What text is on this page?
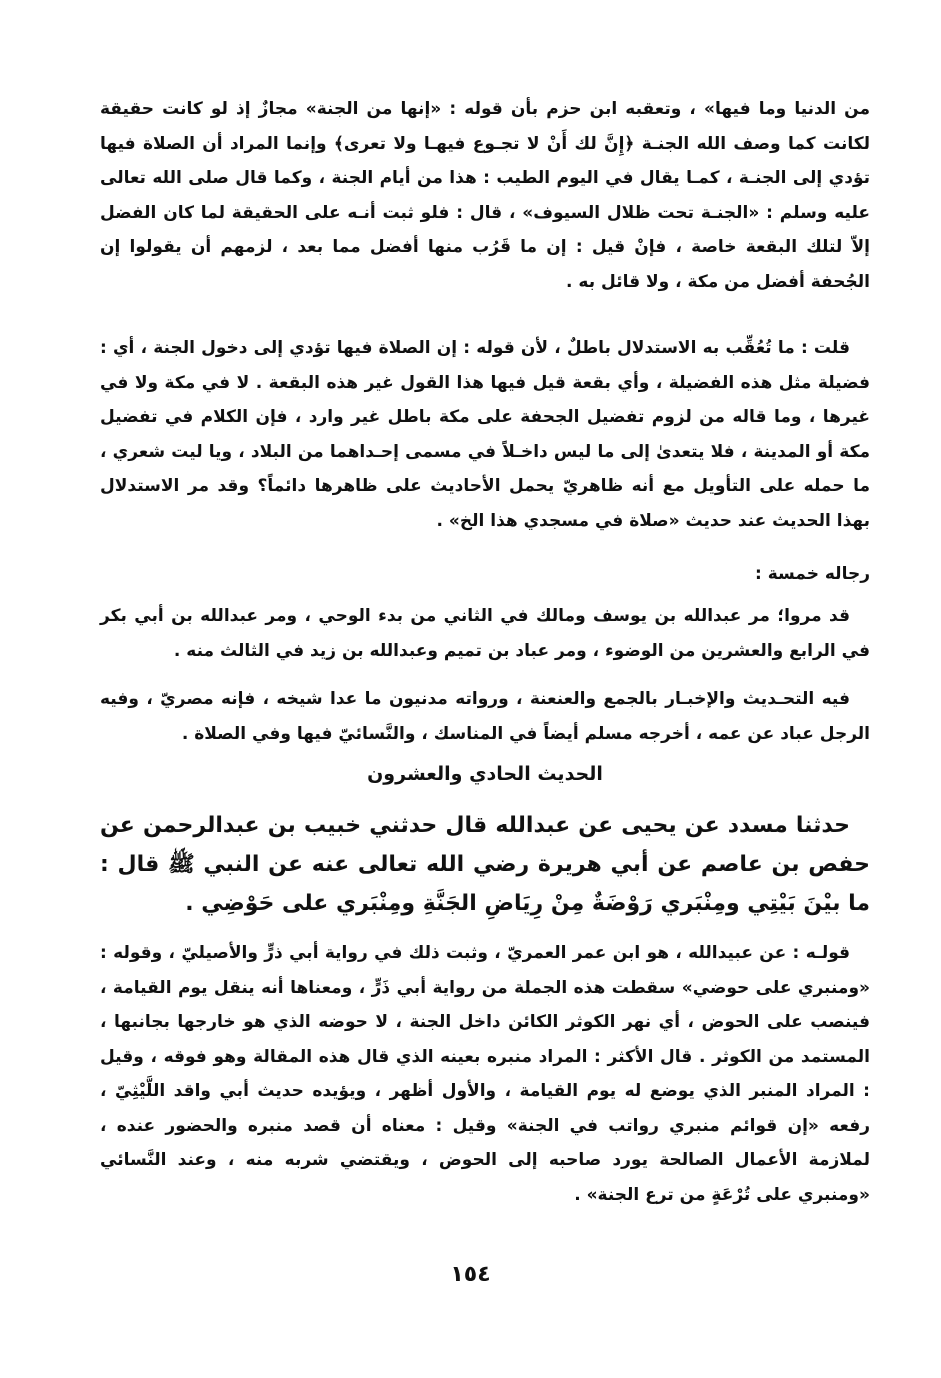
من الدنيا وما فيها» ، وتعقبه ابن حزم بأن قوله : «إنها من الجنة» مجازٌ إذ لو كانت حقيقة لكانت كما وصف الله الجنـة ﴿إِنَّ لك أَنْ لا تجـوع فيهـا ولا تعرى﴾ وإنما المراد أن الصلاة فيها تؤدي إلى الجنـة ، كمـا يقال في اليوم الطيب : هذا من أيام الجنة ، وكما قال صلى الله تعالى عليه وسلم : «الجنـة تحت ظلال السيوف» ، قال : فلو ثبت أنـه على الحقيقة لما كان الفضل إلاّ لتلك البقعة خاصة ، فإنْ قيل : إن ما قَرُب منها أفضل مما بعد ، لزمهم أن يقولوا إن الجُحفة أفضل من مكة ، ولا قائل به .

قلت : ما تُعُقِّب به الاستدلال باطلٌ ، لأن قوله : إن الصلاة فيها تؤدي إلى دخول الجنة ، أي : فضيلة مثل هذه الفضيلة ، وأي بقعة قيل فيها هذا القول غير هذه البقعة . لا في مكة ولا في غيرها ، وما قاله من لزوم تفضيل الجحفة على مكة باطل غير وارد ، فإن الكلام في تفضيل مكة أو المدينة ، فلا يتعدىٰ إلى ما ليس داخـلاً في مسمى إحـداهما من البلاد ، ويا ليت شعري ، ما حمله على التأويل مع أنه ظاهريّ يحمل الأحاديث على ظاهرها دائماً؟ وقد مر الاستدلال بهذا الحديث عند حديث «صلاة في مسجدي هذا الخ» .

رجاله خمسة :

قد مروا؛ مر عبدالله بن يوسف ومالك في الثاني من بدء الوحي ، ومر عبدالله بن أبي بكر في الرابع والعشرين من الوضوء ، ومر عباد بن تميم وعبدالله بن زيد في الثالث منه .

فيه التحـديث والإخبـار بالجمع والعنعنة ، ورواته مدنيون ما عدا شيخه ، فإنه مصريّ ، وفيه الرجل عباد عن عمه ، أخرجه مسلم أيضاً في المناسك ، والنَّسائيّ فيها وفي الصلاة .

الحديث الحادي والعشرون

حدثنا مسدد عن يحيى عن عبدالله قال حدثني خبيب بن عبدالرحمن عن حفص بن عاصم عن أبي هريرة رضي الله تعالى عنه عن النبي ﷺ قال : ما بيْنَ بَيْتِي ومِنْبَري رَوْضَةٌ مِنْ رِيَاضِ الجَنَّةِ ومِنْبَري على حَوْضِي .

قولـه : عن عبيدالله ، هو ابن عمر العمريّ ، وثبت ذلك في رواية أبي ذرٍّ والأصيليّ ، وقوله : «ومنبري على حوضي» سقطت هذه الجملة من رواية أبي ذَرٍّ ، ومعناها أنه ينقل يوم القيامة ، فينصب على الحوض ، أي نهر الكوثر الكائن داخل الجنة ، لا حوضه الذي هو خارجها بجانبها ، المستمد من الكوثر . قال الأكثر : المراد منبره بعينه الذي قال هذه المقالة وهو فوقه ، وقيل : المراد المنبر الذي يوضع له يوم القيامة ، والأول أظهر ، ويؤيده حديث أبي واقد اللَّيْثِيّ ، رفعه «إن قوائم منبري رواتب في الجنة» وقيل : معناه أن قصد منبره والحضور عنده ، لملازمة الأعمال الصالحة يورد صاحبه إلى الحوض ، ويقتضي شربه منه ، وعند النَّسائي «ومنبري على تُرْعَةٍ من ترع الجنة» .

١٥٤
